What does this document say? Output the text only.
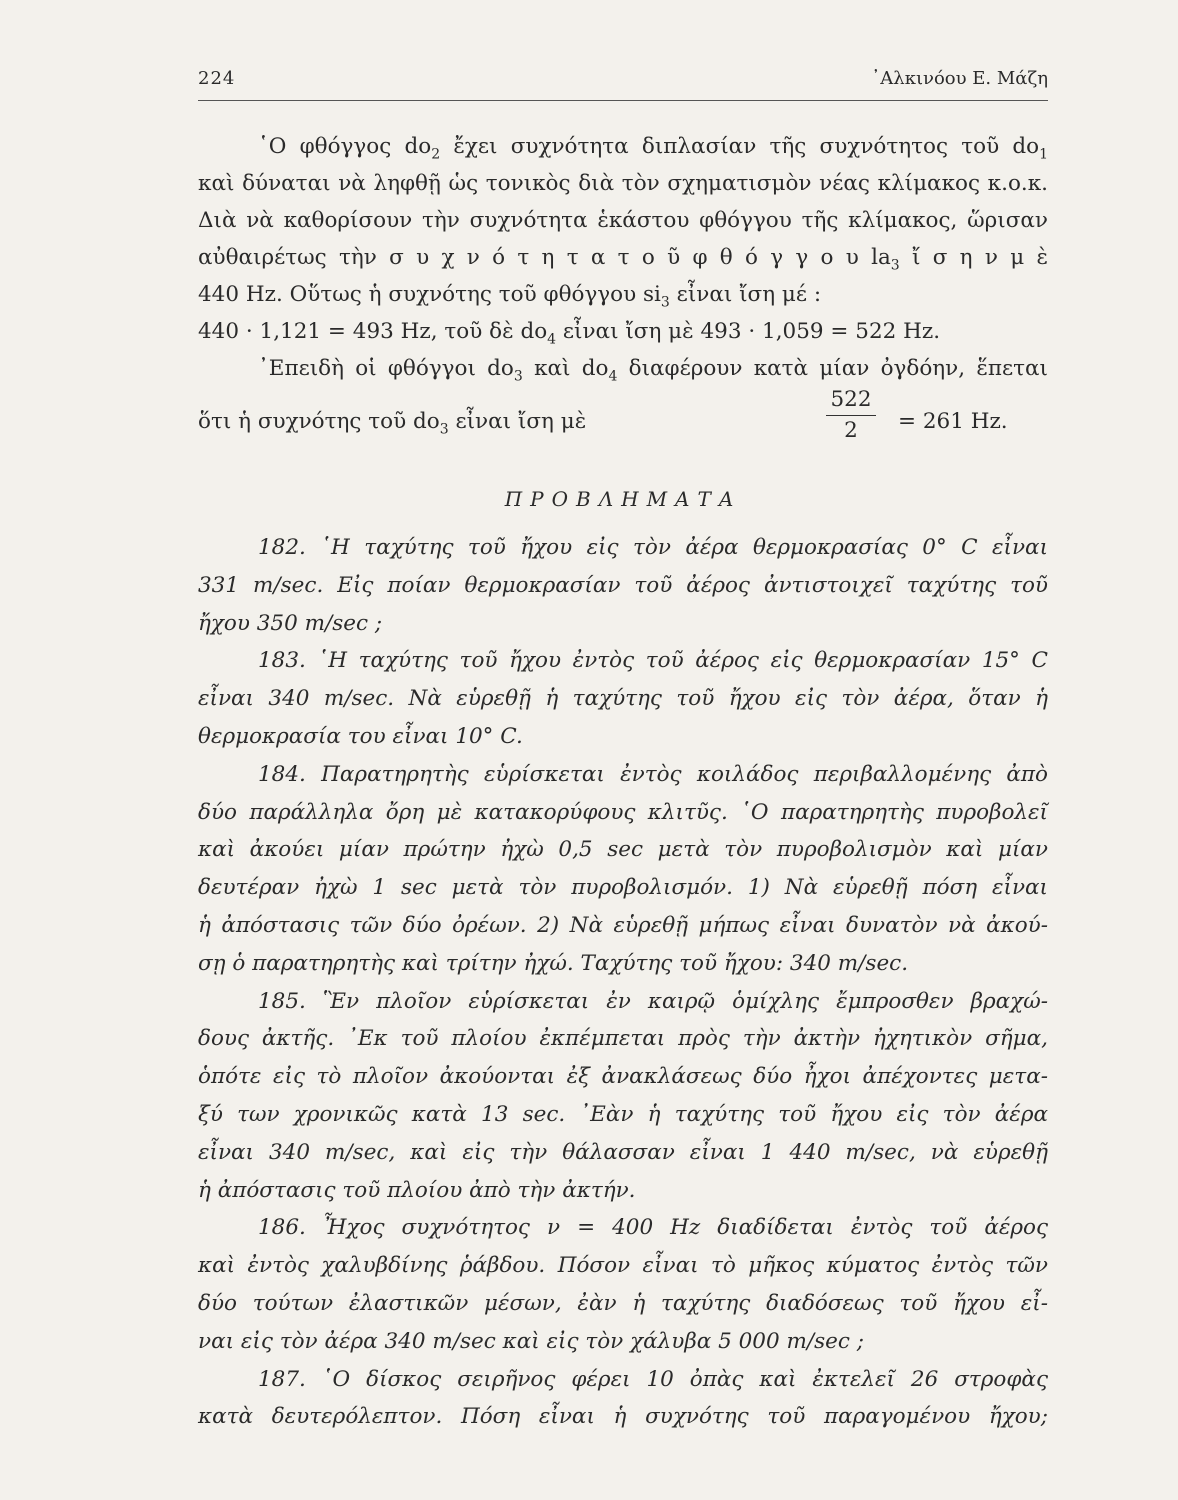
224	᾿Αλκινόου Ε. Μάζη
῾Ο φθόγγος $do_2$ ἔχει συχνότητα διπλασίαν τῆς συχνότητος τοῦ $do_1$
καὶ δύναται νὰ ληφθῇ ὡς τονικὸς διὰ τὸν σχηματισμὸν νέας κλίμακος κ.ο.κ.
Διὰ νὰ καθορίσουν τὴν συχνότητα ἑκάστου φθόγγου τῆς κλίμακος, ὥρισαν
αὐθαιρέτως τὴν σ υ χ ν ό τ η τ α τ ο ῦ φ θ ό γ γ ο υ $la_3$ ἴ σ η ν μ ὲ
440 Hz. Οὕτως ἡ συχνότης τοῦ φθόγγου $si_3$ εἶναι ἴση μέ :
440 · 1,121 = 493 Hz, τοῦ δὲ $do_4$ εἶναι ἴση μὲ 493 · 1,059 = 522 Hz.
᾿Επειδὴ οἱ φθόγγοι $do_3$ καὶ $do_4$ διαφέρουν κατὰ μίαν ὀγδόην, ἕπεται
ὅτι ἡ συχνότης τοῦ $do_3$ εἶναι ἴση μὲ
522
2	= 261 Hz.
ΠΡΟΒΛΗΜΑΤΑ
182. ῾Η ταχύτης τοῦ ἤχου εἰς τὸν ἀέρα θερμοκρασίας 0° C εἶναι
331 m/sec. Εἰς ποίαν θερμοκρασίαν τοῦ ἀέρος ἀντιστοιχεῖ ταχύτης τοῦ
ἤχου 350 m/sec ;
183. ῾Η ταχύτης τοῦ ἤχου ἐντὸς τοῦ ἀέρος εἰς θερμοκρασίαν 15° C
εἶναι 340 m/sec. Νὰ εὑρεθῇ ἡ ταχύτης τοῦ ἤχου εἰς τὸν ἀέρα, ὅταν ἡ
θερμοκρασία του εἶναι 10° C.
184. Παρατηρητὴς εὑρίσκεται ἐντὸς κοιλάδος περιβαλλομένης ἀπὸ
δύο παράλληλα ὄρη μὲ κατακορύφους κλιτῦς. ῾Ο παρατηρητὴς πυροβολεῖ
καὶ ἀκούει μίαν πρώτην ἠχὼ 0,5 sec μετὰ τὸν πυροβολισμὸν καὶ μίαν
δευτέραν ἠχὼ 1 sec μετὰ τὸν πυροβολισμόν. 1) Νὰ εὑρεθῇ πόση εἶναι
ἡ ἀπόστασις τῶν δύο ὀρέων. 2) Νὰ εὑρεθῇ μήπως εἶναι δυνατὸν νὰ ἀκού-
σῃ ὁ παρατηρητὴς καὶ τρίτην ἠχώ. Ταχύτης τοῦ ἤχου: 340 m/sec.
185. Ἓν πλοῖον εὑρίσκεται ἐν καιρῷ ὁμίχλης ἔμπροσθεν βραχώ-
δους ἀκτῆς. ᾿Εκ τοῦ πλοίου ἐκπέμπεται πρὸς τὴν ἀκτὴν ἠχητικὸν σῆμα,
ὁπότε εἰς τὸ πλοῖον ἀκούονται ἐξ ἀνακλάσεως δύο ἦχοι ἀπέχοντες μετα-
ξύ των χρονικῶς κατὰ 13 sec. ᾿Εὰν ἡ ταχύτης τοῦ ἤχου εἰς τὸν ἀέρα
εἶναι 340 m/sec, καὶ εἰς τὴν θάλασσαν εἶναι 1 440 m/sec, νὰ εὑρεθῇ
ἡ ἀπόστασις τοῦ πλοίου ἀπὸ τὴν ἀκτήν.
186. Ἦχος συχνότητος ν = 400 Hz διαδίδεται ἐντὸς τοῦ ἀέρος
καὶ ἐντὸς χαλυβδίνης ῥάβδου. Πόσον εἶναι τὸ μῆκος κύματος ἐντὸς τῶν
δύο τούτων ἐλαστικῶν μέσων, ἐὰν ἡ ταχύτης διαδόσεως τοῦ ἤχου εἶ-
ναι εἰς τὸν ἀέρα 340 m/sec καὶ εἰς τὸν χάλυβα 5 000 m/sec ;
187. ῾Ο δίσκος σειρῆνος φέρει 10 ὀπὰς καὶ ἐκτελεῖ 26 στροφὰς
κατὰ δευτερόλεπτον. Πόση εἶναι ἡ συχνότης τοῦ παραγομένου ἤχου;
